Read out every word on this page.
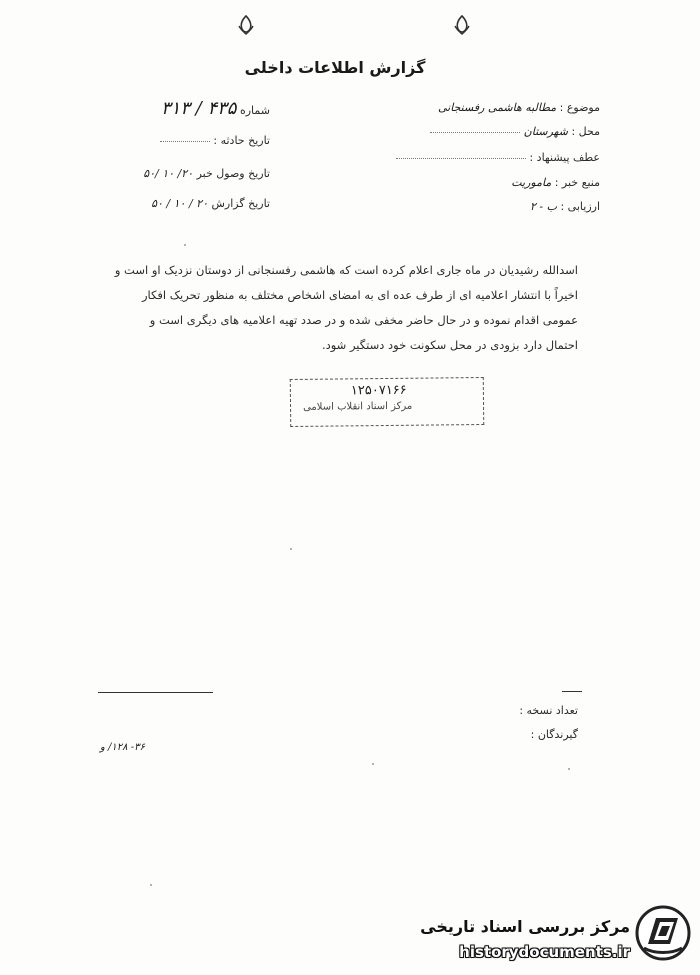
گزارش اطلاعات داخلی
موضوع : مطالبه هاشمی رفسنجانی
محل : شهرستان
عطف پیشنهاد :
منبع خبر : ماموریت
ارزیابی : ب - ۲
شماره ۴۳۵ / ۳۱۳
تاریخ حادثه :
تاریخ وصول خبر ۲۰/ ۱۰ /۵۰
تاریخ گزارش ۲۰ / ۱۰ / ۵۰
اسدالله رشیدیان در ماه جاری اعلام کرده است که هاشمی رفسنجانی از دوستان نزدیک او است و
اخیراً با انتشار اعلامیه ای از طرف عده ای به امضای اشخاص مختلف به منظور تحریک افکار
عمومی اقدام نموده و در حال حاضر مخفی شده و در صدد تهیه اعلامیه های دیگری است و
احتمال دارد بزودی در محل سکونت خود دستگیر شود.
۱۲۵۰۷۱۶۶
مرکز اسناد انقلاب اسلامی
تعداد نسخه :
گیرندگان :
۳۶- ۱۲۸/ و
مرکز بررسی اسناد تاریخی
historydocuments.ir
